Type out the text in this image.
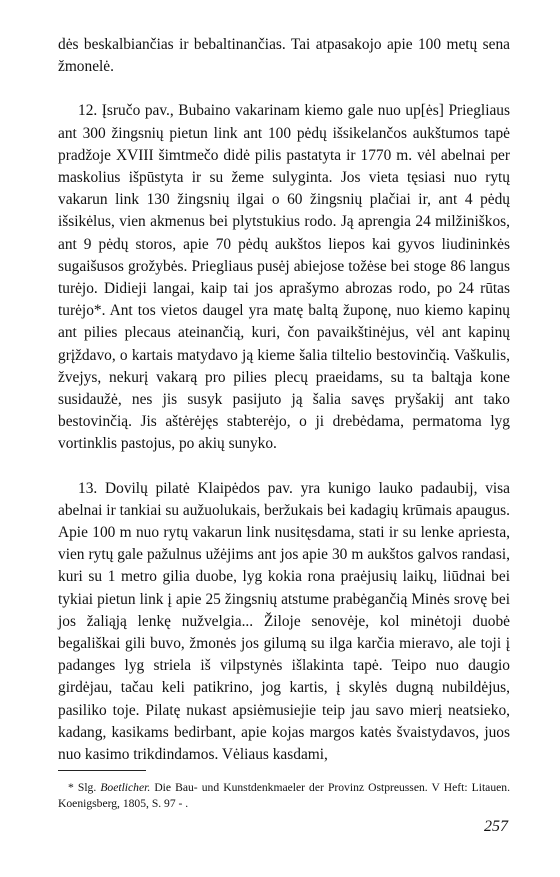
dės beskalbiančias ir bebaltinančias. Tai atpasakojo apie 100 metų sena žmonelė.

12. Įsručo pav., Bubaino vakarinam kiemo gale nuo up[ės] Priegliaus ant 300 žingsnių pietun link ant 100 pėdų išsikelančos aukštumos tapė pradžoje XVIII šimtmečo didė pilis pastatyta ir 1770 m. vėl abelnai per maskolius išpūstyta ir su žeme sulyginta. Jos vieta tęsiasi nuo rytų vakarun link 130 žingsnių ilgai o 60 žingsnių plačiai ir, ant 4 pėdų išsikėlus, vien akmenus bei plytstukius rodo. Ją aprengia 24 milžiniškos, ant 9 pėdų storos, apie 70 pėdų aukštos liepos kai gyvos liudininkės sugaišusos grožybės. Priegliaus pusėj abiejose tožėse bei stoge 86 langus turėjo. Didieji langai, kaip tai jos aprašymo abrozas rodo, po 24 rūtas turėjo*. Ant tos vietos daugel yra matę baltą župonę, nuo kiemo kapinų ant pilies plecaus ateinančią, kuri, čon pavaikštinėjus, vėl ant kapinų grįždavo, o kartais matydavo ją kieme šalia tiltelio bestovinčią. Vaškulis, žvejys, nekurį vakarą pro pilies plecų praeidams, su ta baltąja kone susidaužė, nes jis susyk pasijuto ją šalia savęs pryšakij ant tako bestovinčią. Jis aštėrėjęs stabterėjo, o ji drebėdama, permatoma lyg vortinklis pastojus, po akių sunyko.

13. Dovilų pilatė Klaipėdos pav. yra kunigo lauko padaubij, visa abelnai ir tankiai su aužuolukais, beržukais bei kadagių krūmais apaugus. Apie 100 m nuo rytų vakarun link nusitęsdama, stati ir su lenke apriesta, vien rytų gale pažulnus užėjims ant jos apie 30 m aukštos galvos randasi, kuri su 1 metro gilia duobe, lyg kokia rona praėjusių laikų, liūdnai bei tykiai pietun link į apie 25 žingsnių atstume prabėgančią Minės srovę bei jos žaliąją lenkę nužvelgia... Žiloje senovėje, kol minėtoji duobė begališkai gili buvo, žmonės jos gilumą su ilga karčia mieravo, ale toji į padanges lyg striela iš vilpstynės išlakinta tapė. Teipo nuo daugio girdėjau, tačau keli patikrino, jog kartis, į skylės dugną nubildėjus, pasiliko toje. Pilatę nukast apsiėmusiejie teip jau savo mierį neatsieko, kadang, kasikams bedirbant, apie kojas margos katės švaistydavos, juos nuo kasimo trikdindamos. Vėliaus kasdami,

* Slg. Boetlicher. Die Bau- und Kunstdenkmaeler der Provinz Ostpreussen. V Heft: Litauen. Koenigsberg, 1805, S. 97 - .
257
